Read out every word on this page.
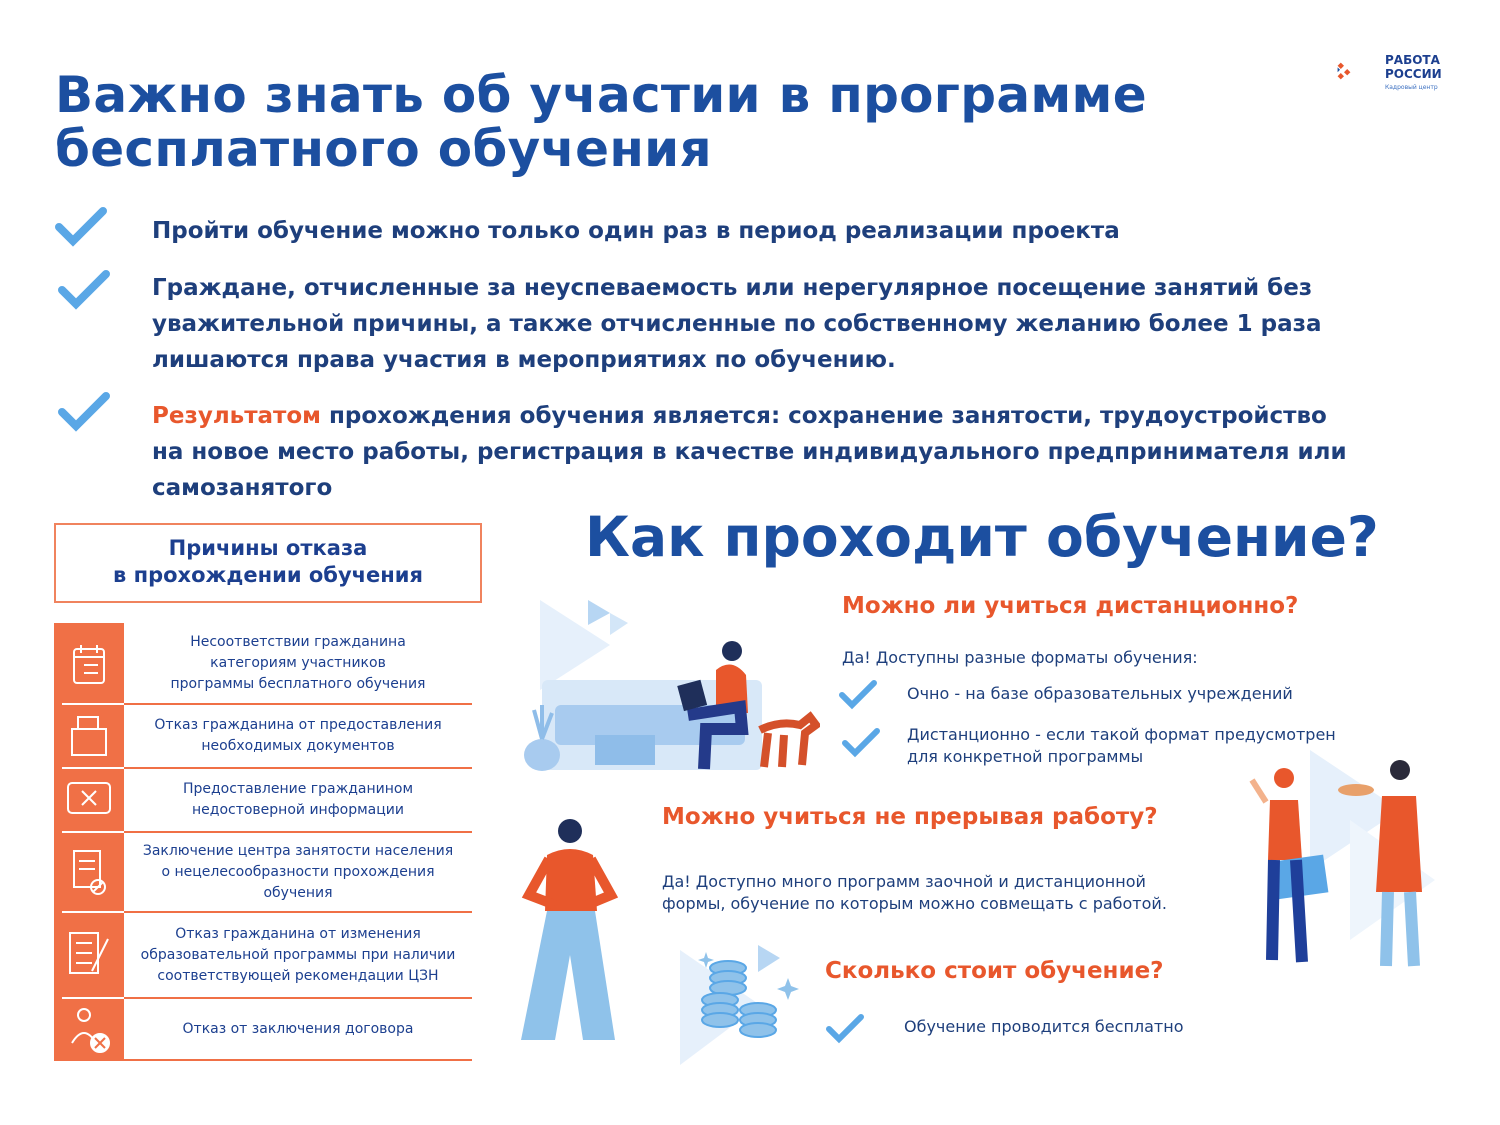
Важно знать об участии в программе
бесплатного обучения
РАБОТА
РОССИИ
Кадровый центр
Пройти обучение можно только один раз в период реализации проекта
Граждане, отчисленные за неуспеваемость или нерегулярное посещение занятий без
уважительной причины, а также отчисленные по собственному желанию более 1 раза
лишаются права участия в мероприятиях по обучению.
Результатом прохождения обучения является: сохранение занятости, трудоустройство
на новое место работы, регистрация в качестве индивидуального предпринимателя или
самозанятого
Причины отказа
в прохождении обучения
Несоответствии гражданина
категориям участников
программы бесплатного обучения
Отказ гражданина от предоставления
необходимых документов
Предоставление гражданином
недостоверной информации
Заключение центра занятости населения
о нецелесообразности прохождения
обучения
Отказ гражданина от изменения
образовательной программы при наличии
соответствующей рекомендации ЦЗН
Отказ от заключения договора
Как проходит обучение?
Можно ли учиться дистанционно?
Да! Доступны разные форматы обучения:
Очно - на базе образовательных учреждений
Дистанционно - если такой формат предусмотрен
для конкретной программы
Можно учиться не прерывая работу?
Да! Доступно много программ заочной и дистанционной
формы, обучение по которым можно совмещать с работой.
Сколько стоит обучение?
Обучение проводится бесплатно
